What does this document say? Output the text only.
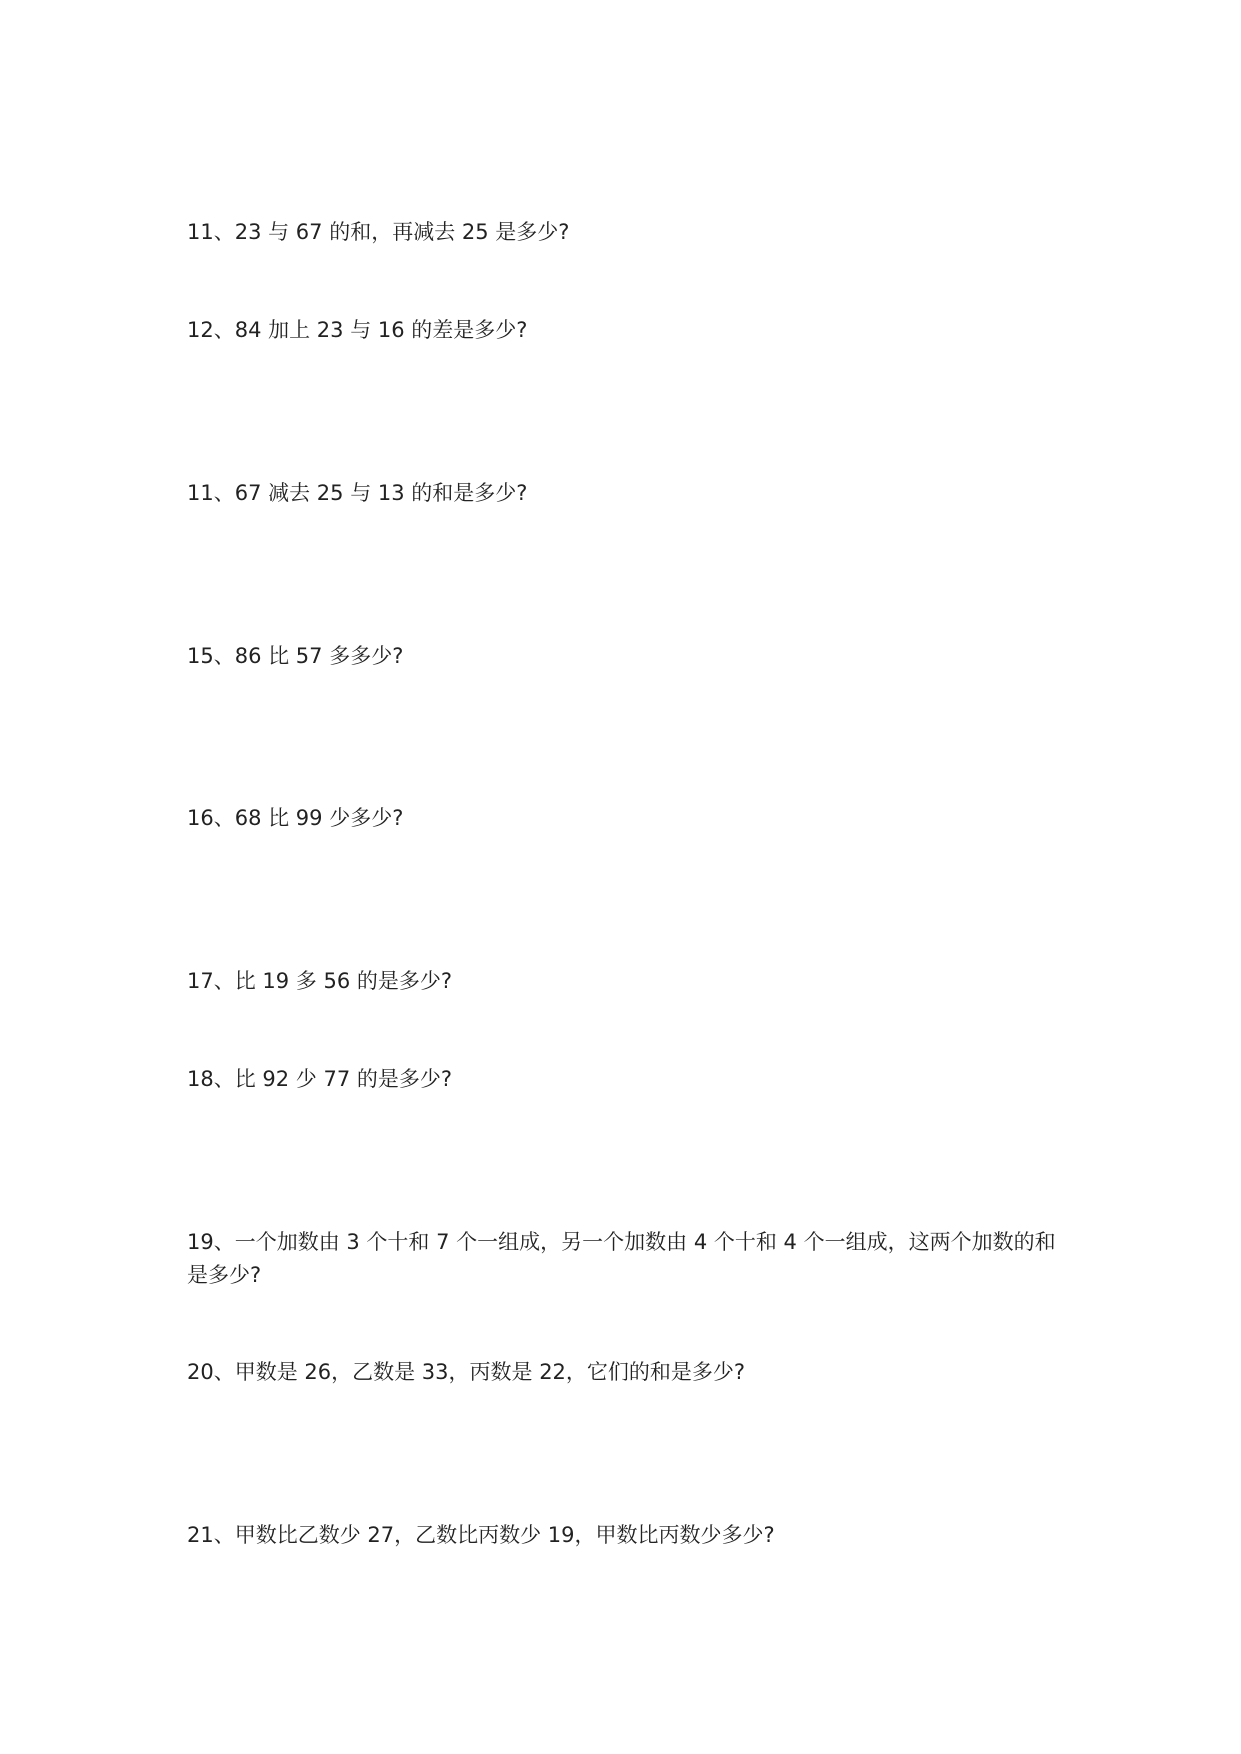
11、23 与 67 的和，再减去 25 是多少?
12、84 加上 23 与 16 的差是多少?
11、67 减去 25 与 13 的和是多少?
15、86 比 57 多多少?
16、68 比 99 少多少?
17、比 19 多 56 的是多少?
18、比 92 少 77 的是多少?
19、一个加数由 3 个十和 7 个一组成，另一个加数由 4 个十和 4 个一组成，这两个加数的和是多少?
20、甲数是 26，乙数是 33，丙数是 22，它们的和是多少?
21、甲数比乙数少 27，乙数比丙数少 19，甲数比丙数少多少?
